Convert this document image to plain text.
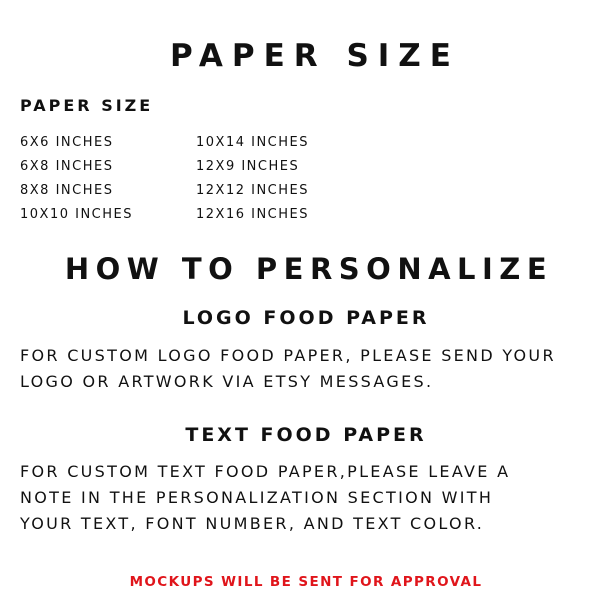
PAPER SIZE
PAPER SIZE
6X6 INCHES
6X8 INCHES
8X8 INCHES
10X10 INCHES
10X14 INCHES
12X9 INCHES
12X12 INCHES
12X16 INCHES
HOW TO PERSONALIZE
LOGO FOOD PAPER

FOR CUSTOM LOGO FOOD PAPER, PLEASE SEND YOUR
LOGO OR ARTWORK VIA ETSY MESSAGES.

TEXT FOOD PAPER

FOR CUSTOM TEXT FOOD PAPER,PLEASE LEAVE A
NOTE IN THE PERSONALIZATION SECTION WITH
YOUR TEXT, FONT NUMBER, AND TEXT COLOR.

MOCKUPS WILL BE SENT FOR APPROVAL
